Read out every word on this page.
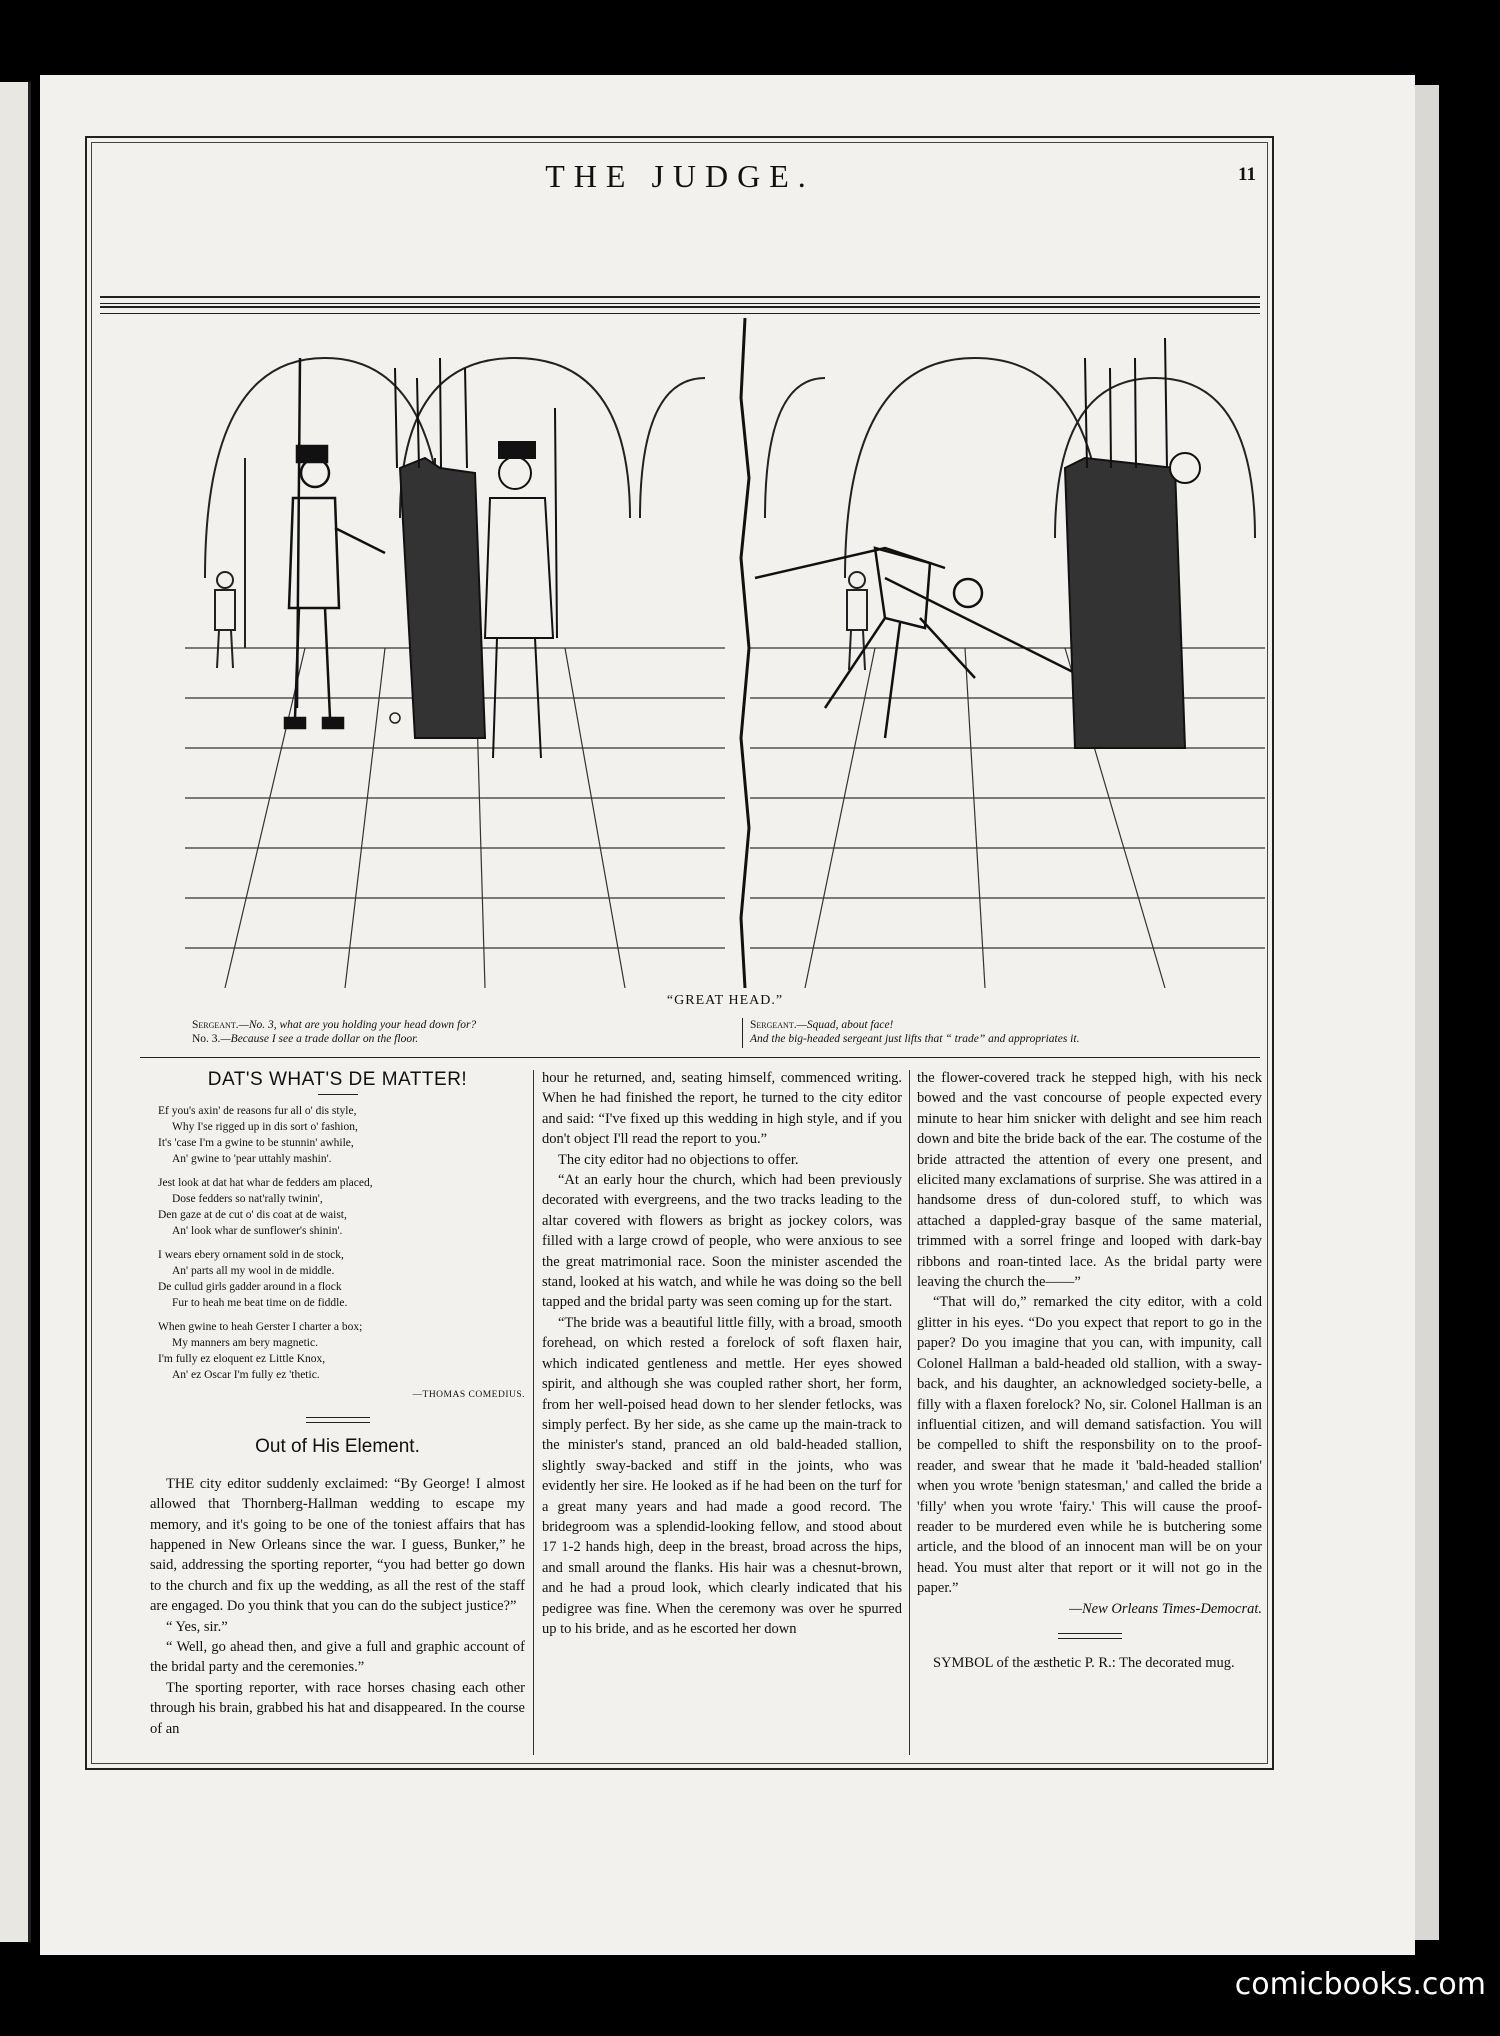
THE JUDGE.	11
“GREAT HEAD.”
Sergeant.—No. 3, what are you holding your head down for?
No. 3.—Because I see a trade dollar on the floor.
Sergeant.—Squad, about face!
And the big-headed sergeant just lifts that “ trade” and appropriates it.
DAT'S WHAT'S DE MATTER!
Ef you's axin' de reasons fur all o' dis style,
Why I'se rigged up in dis sort o' fashion,
It's 'case I'm a gwine to be stunnin' awhile,
An' gwine to 'pear uttahly mashin'.
Jest look at dat hat whar de fedders am placed,
Dose fedders so nat'rally twinin',
Den gaze at de cut o' dis coat at de waist,
An' look whar de sunflower's shinin'.
I wears ebery ornament sold in de stock,
An' parts all my wool in de middle.
De cullud girls gadder around in a flock
Fur to heah me beat time on de fiddle.
When gwine to heah Gerster I charter a box;
My manners am bery magnetic.
I'm fully ez eloquent ez Little Knox,
An' ez Oscar I'm fully ez 'thetic.
—THOMAS COMEDIUS.
Out of His Element.

THE city editor suddenly exclaimed: “By George! I almost allowed that Thornberg-Hallman wedding to escape my memory, and it's going to be one of the toniest affairs that has happened in New Orleans since the war. I guess, Bunker,” he said, addressing the sporting reporter, “you had better go down to the church and fix up the wedding, as all the rest of the staff are engaged. Do you think that you can do the subject justice?”

“ Yes, sir.”

“ Well, go ahead then, and give a full and graphic account of the bridal party and the ceremonies.”

The sporting reporter, with race horses chasing each other through his brain, grabbed his hat and disappeared. In the course of an

hour he returned, and, seating himself, commenced writing. When he had finished the report, he turned to the city editor and said: “I've fixed up this wedding in high style, and if you don't object I'll read the report to you.”

The city editor had no objections to offer.

“At an early hour the church, which had been previously decorated with evergreens, and the two tracks leading to the altar covered with flowers as bright as jockey colors, was filled with a large crowd of people, who were anxious to see the great matrimonial race. Soon the minister ascended the stand, looked at his watch, and while he was doing so the bell tapped and the bridal party was seen coming up for the start.

“The bride was a beautiful little filly, with a broad, smooth forehead, on which rested a forelock of soft flaxen hair, which indicated gentleness and mettle. Her eyes showed spirit, and although she was coupled rather short, her form, from her well-poised head down to her slender fetlocks, was simply perfect. By her side, as she came up the main-track to the minister's stand, pranced an old bald-headed stallion, slightly sway-backed and stiff in the joints, who was evidently her sire. He looked as if he had been on the turf for a great many years and had made a good record. The bridegroom was a splendid-looking fellow, and stood about 17 1-2 hands high, deep in the breast, broad across the hips, and small around the flanks. His hair was a chesnut-brown, and he had a proud look, which clearly indicated that his pedigree was fine. When the ceremony was over he spurred up to his bride, and as he escorted her down

the flower-covered track he stepped high, with his neck bowed and the vast concourse of people expected every minute to hear him snicker with delight and see him reach down and bite the bride back of the ear. The costume of the bride attracted the attention of every one present, and elicited many exclamations of surprise. She was attired in a handsome dress of dun-colored stuff, to which was attached a dappled-gray basque of the same material, trimmed with a sorrel fringe and looped with dark-bay ribbons and roan-tinted lace. As the bridal party were leaving the church the——”

“That will do,” remarked the city editor, with a cold glitter in his eyes. “Do you expect that report to go in the paper? Do you imagine that you can, with impunity, call Colonel Hallman a bald-headed old stallion, with a sway-back, and his daughter, an acknowledged society-belle, a filly with a flaxen forelock? No, sir. Colonel Hallman is an influential citizen, and will demand satisfaction. You will be compelled to shift the responsbility on to the proof-reader, and swear that he made it 'bald-headed stallion' when you wrote 'benign statesman,' and called the bride a 'filly' when you wrote 'fairy.' This will cause the proof-reader to be murdered even while he is butchering some article, and the blood of an innocent man will be on your head. You must alter that report or it will not go in the paper.”

—New Orleans Times-Democrat.

SYMBOL of the æsthetic P. R.: The decorated mug.

comicbooks.com
